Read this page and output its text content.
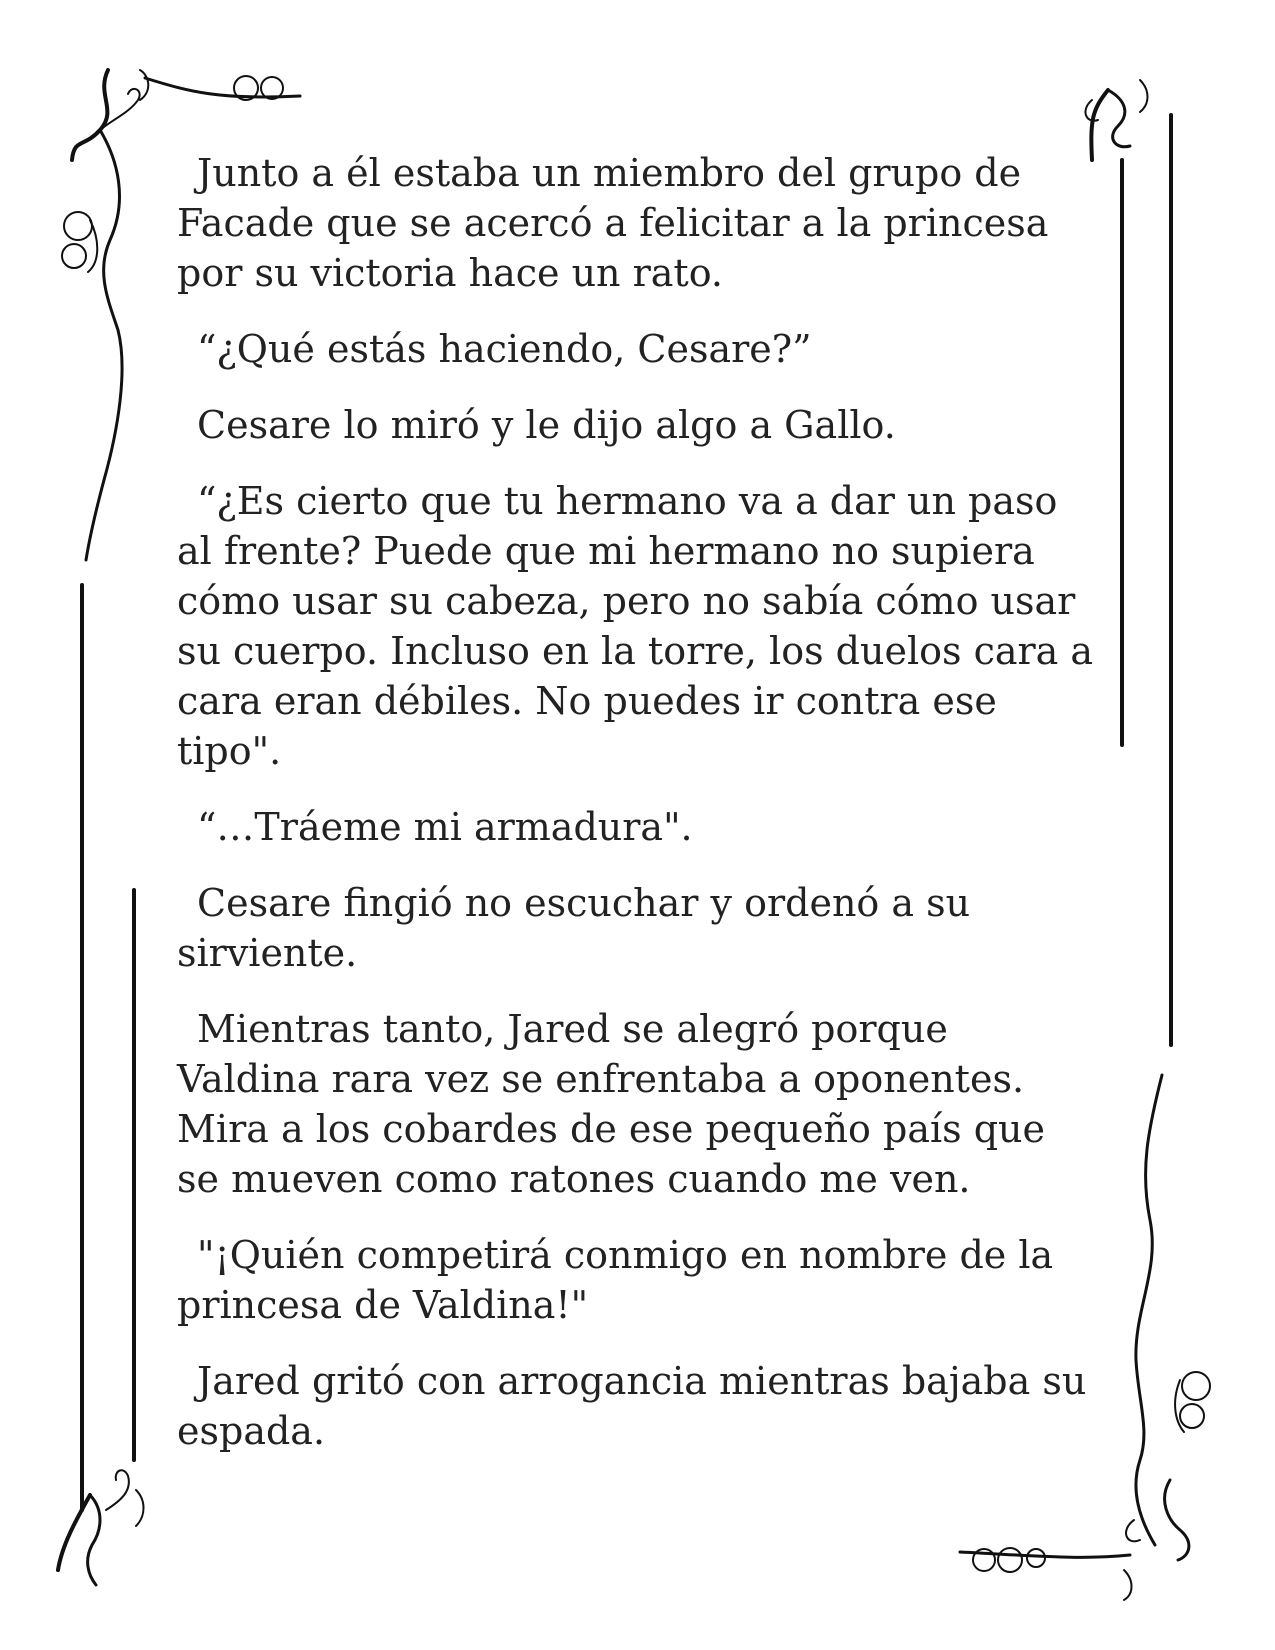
Junto a él estaba un miembro del grupo de Facade que se acercó a felicitar a la princesa por su victoria hace un rato.

“¿Qué estás haciendo, Cesare?”

Cesare lo miró y le dijo algo a Gallo.

“¿Es cierto que tu hermano va a dar un paso al frente? Puede que mi hermano no supiera cómo usar su cabeza, pero no sabía cómo usar su cuerpo. Incluso en la torre, los duelos cara a cara eran débiles. No puedes ir contra ese tipo".

“…Tráeme mi armadura".

Cesare fingió no escuchar y ordenó a su sirviente.

Mientras tanto, Jared se alegró porque Valdina rara vez se enfrentaba a oponentes. Mira a los cobardes de ese pequeño país que se mueven como ratones cuando me ven.

"¡Quién competirá conmigo en nombre de la princesa de Valdina!"

Jared gritó con arrogancia mientras bajaba su espada.
